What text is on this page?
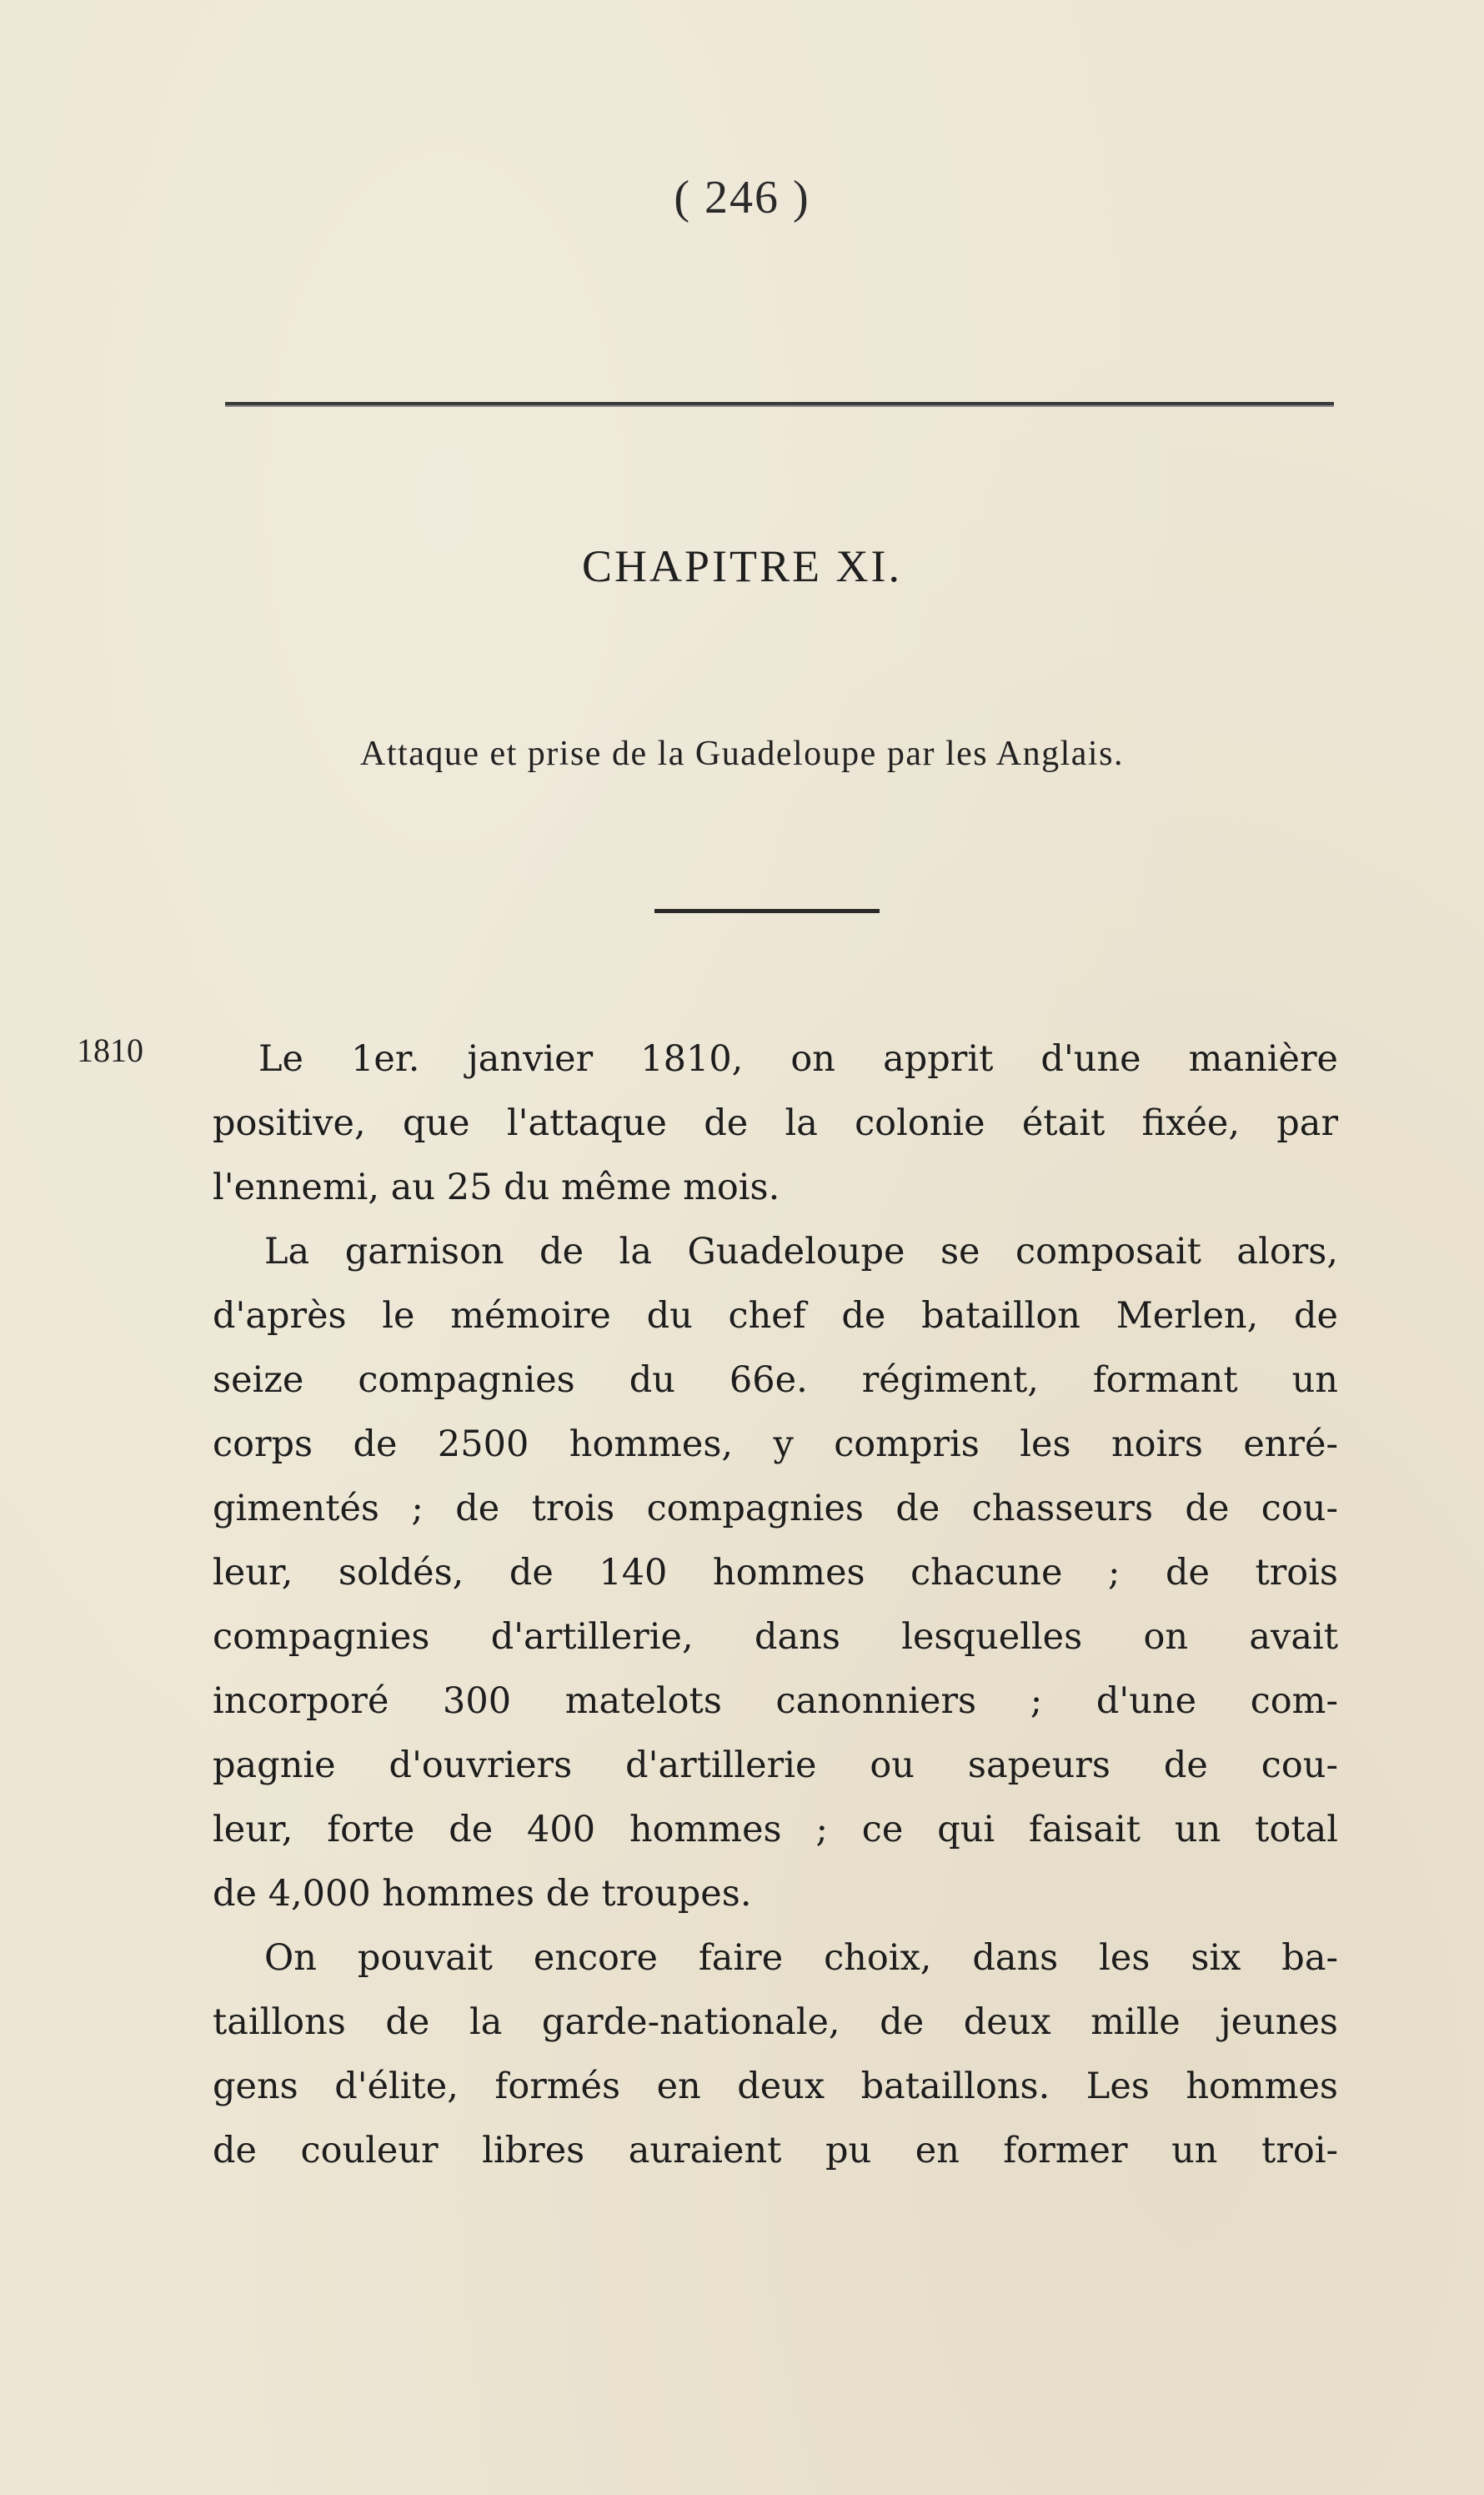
( 246 )
CHAPITRE XI.
Attaque et prise de la Guadeloupe par les Anglais.
1810	Le 1er. janvier 1810, on apprit d'une manière
positive, que l'attaque de la colonie était fixée, par
l'ennemi, au 25 du même mois.
La garnison de la Guadeloupe se composait alors,
d'après le mémoire du chef de bataillon Merlen, de
seize compagnies du 66e. régiment, formant un
corps de 2500 hommes, y compris les noirs enré-
gimentés ; de trois compagnies de chasseurs de cou-
leur, soldés, de 140 hommes chacune ; de trois
compagnies d'artillerie, dans lesquelles on avait
incorporé 300 matelots canonniers ; d'une com-
pagnie d'ouvriers d'artillerie ou sapeurs de cou-
leur, forte de 400 hommes ; ce qui faisait un total
de 4,000 hommes de troupes.
On pouvait encore faire choix, dans les six ba-
taillons de la garde-nationale, de deux mille jeunes
gens d'élite, formés en deux bataillons. Les hommes
de couleur libres auraient pu en former un troi-
